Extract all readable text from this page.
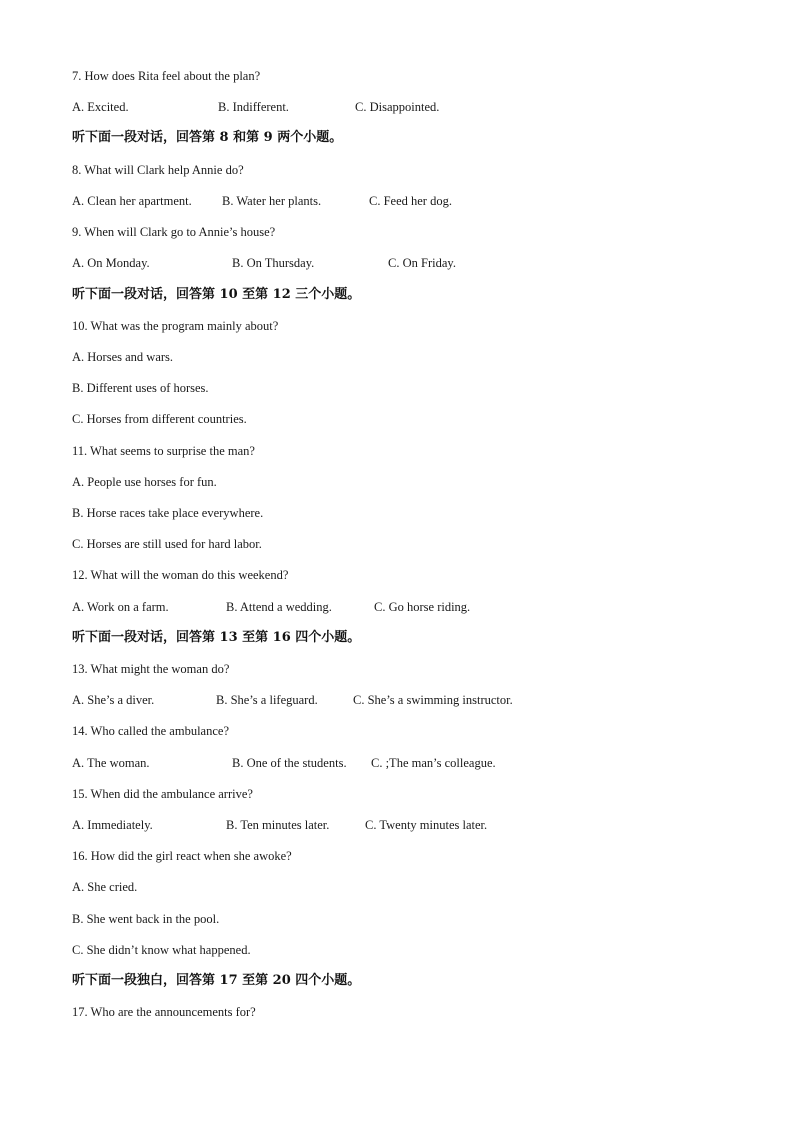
7. How does Rita feel about the plan?
A. Excited.	B. Indifferent.	C. Disappointed.
听下面一段对话，回答第 8 和第 9 两个小题。
8. What will Clark help Annie do?
A. Clean her apartment. B. Water her plants.	C. Feed her dog.
9. When will Clark go to Annie’s house?
A. On Monday.	B. On Thursday.	C. On Friday.
听下面一段对话，回答第 10 至第 12 三个小题。
10. What was the program mainly about?
A. Horses and wars.
B. Different uses of horses.
C. Horses from different countries.
11. What seems to surprise the man?
A. People use horses for fun.
B. Horse races take place everywhere.
C. Horses are still used for hard labor.
12. What will the woman do this weekend?
A. Work on a farm.	B. Attend a wedding.	C. Go horse riding.
听下面一段对话，回答第 13 至第 16 四个小题。
13. What might the woman do?
A. She’s a diver.	B. She’s a lifeguard.	C. She’s a swimming instructor.
14. Who called the ambulance?
A. The woman.	B. One of the students. C. ;The man’s colleague.
15. When did the ambulance arrive?
A. Immediately.	B. Ten minutes later.	C. Twenty minutes later.
16. How did the girl react when she awoke?
A. She cried.
B. She went back in the pool.
C. She didn’t know what happened.
听下面一段独白，回答第 17 至第 20 四个小题。
17. Who are the announcements for?
